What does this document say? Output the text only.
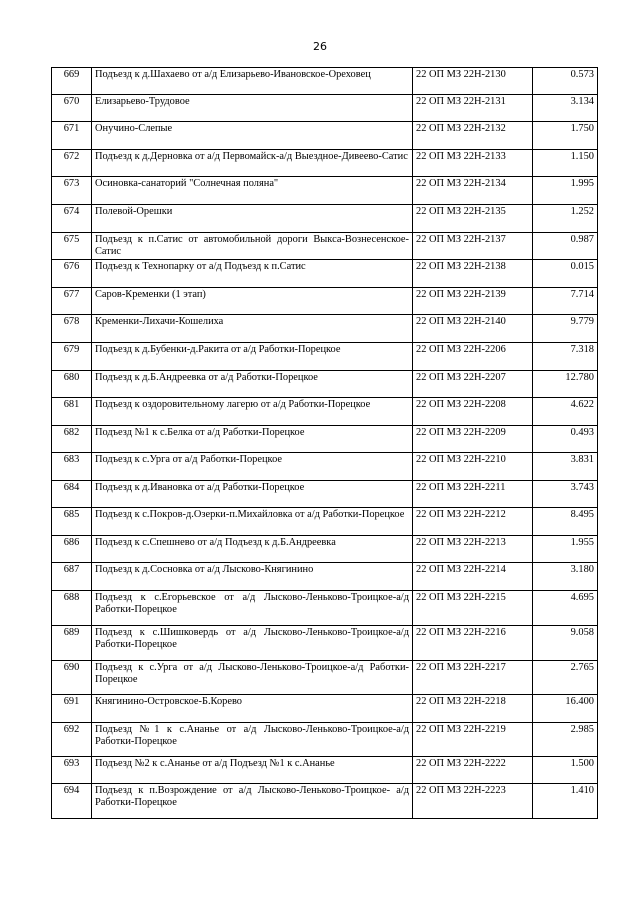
26
669	Подъезд к д.Шахаево от а/д Елизарьево-Ивановское-Ореховец	22 ОП МЗ 22Н-2130	0.573
670	Елизарьево-Трудовое	22 ОП МЗ 22Н-2131	3.134
671	Онучино-Слепые	22 ОП МЗ 22Н-2132	1.750
672	Подъезд к д.Дерновка от а/д Первомайск-а/д Выездное-Дивеево-Сатис	22 ОП МЗ 22Н-2133	1.150
673	Осиновка-санаторий "Солнечная поляна"	22 ОП МЗ 22Н-2134	1.995
674	Полевой-Орешки	22 ОП МЗ 22Н-2135	1.252
675	Подъезд к п.Сатис от автомобильной дороги Выкса-Вознесенское-Сатис	22 ОП МЗ 22Н-2137	0.987
676	Подъезд к Технопарку от а/д Подъезд к п.Сатис	22 ОП МЗ 22Н-2138	0.015
677	Саров-Кременки (1 этап)	22 ОП МЗ 22Н-2139	7.714
678	Кременки-Лихачи-Кошелиха	22 ОП МЗ 22Н-2140	9.779
679	Подъезд к д.Бубенки-д.Ракита от а/д Работки-Порецкое	22 ОП МЗ 22Н-2206	7.318
680	Подъезд к д.Б.Андреевка от а/д Работки-Порецкое	22 ОП МЗ 22Н-2207	12.780
681	Подъезд к оздоровительному лагерю от а/д Работки-Порецкое	22 ОП МЗ 22Н-2208	4.622
682	Подъезд №1 к с.Белка от а/д Работки-Порецкое	22 ОП МЗ 22Н-2209	0.493
683	Подъезд к с.Урга от а/д Работки-Порецкое	22 ОП МЗ 22Н-2210	3.831
684	Подъезд к д.Ивановка от а/д Работки-Порецкое	22 ОП МЗ 22Н-2211	3.743
685	Подъезд к с.Покров-д.Озерки-п.Михайловка от а/д Работки-Порецкое	22 ОП МЗ 22Н-2212	8.495
686	Подъезд к с.Спешнево от а/д Подъезд к д.Б.Андреевка	22 ОП МЗ 22Н-2213	1.955
687	Подъезд к д.Сосновка от а/д Лысково-Княгинино	22 ОП МЗ 22Н-2214	3.180
688	Подъезд к с.Егорьевское от а/д Лысково-Леньково-Троицкое-а/д Работки-Порецкое	22 ОП МЗ 22Н-2215	4.695
689	Подъезд к с.Шишковердь от а/д Лысково-Леньково-Троицкое-а/д Работки-Порецкое	22 ОП МЗ 22Н-2216	9.058
690	Подъезд к с.Урга от а/д Лысково-Леньково-Троицкое-а/д Работки-Порецкое	22 ОП МЗ 22Н-2217	2.765
691	Княгинино-Островское-Б.Корево	22 ОП МЗ 22Н-2218	16.400
692	Подъезд №1 к с.Ананье от а/д Лысково-Леньково-Троицкое-а/д Работки-Порецкое	22 ОП МЗ 22Н-2219	2.985
693	Подъезд №2 к с.Ананье от а/д Подъезд №1 к с.Ананье	22 ОП МЗ 22Н-2222	1.500
694	Подъезд к п.Возрождение от а/д Лысково-Леньково-Троицкое- а/д Работки-Порецкое	22 ОП МЗ 22Н-2223	1.410
